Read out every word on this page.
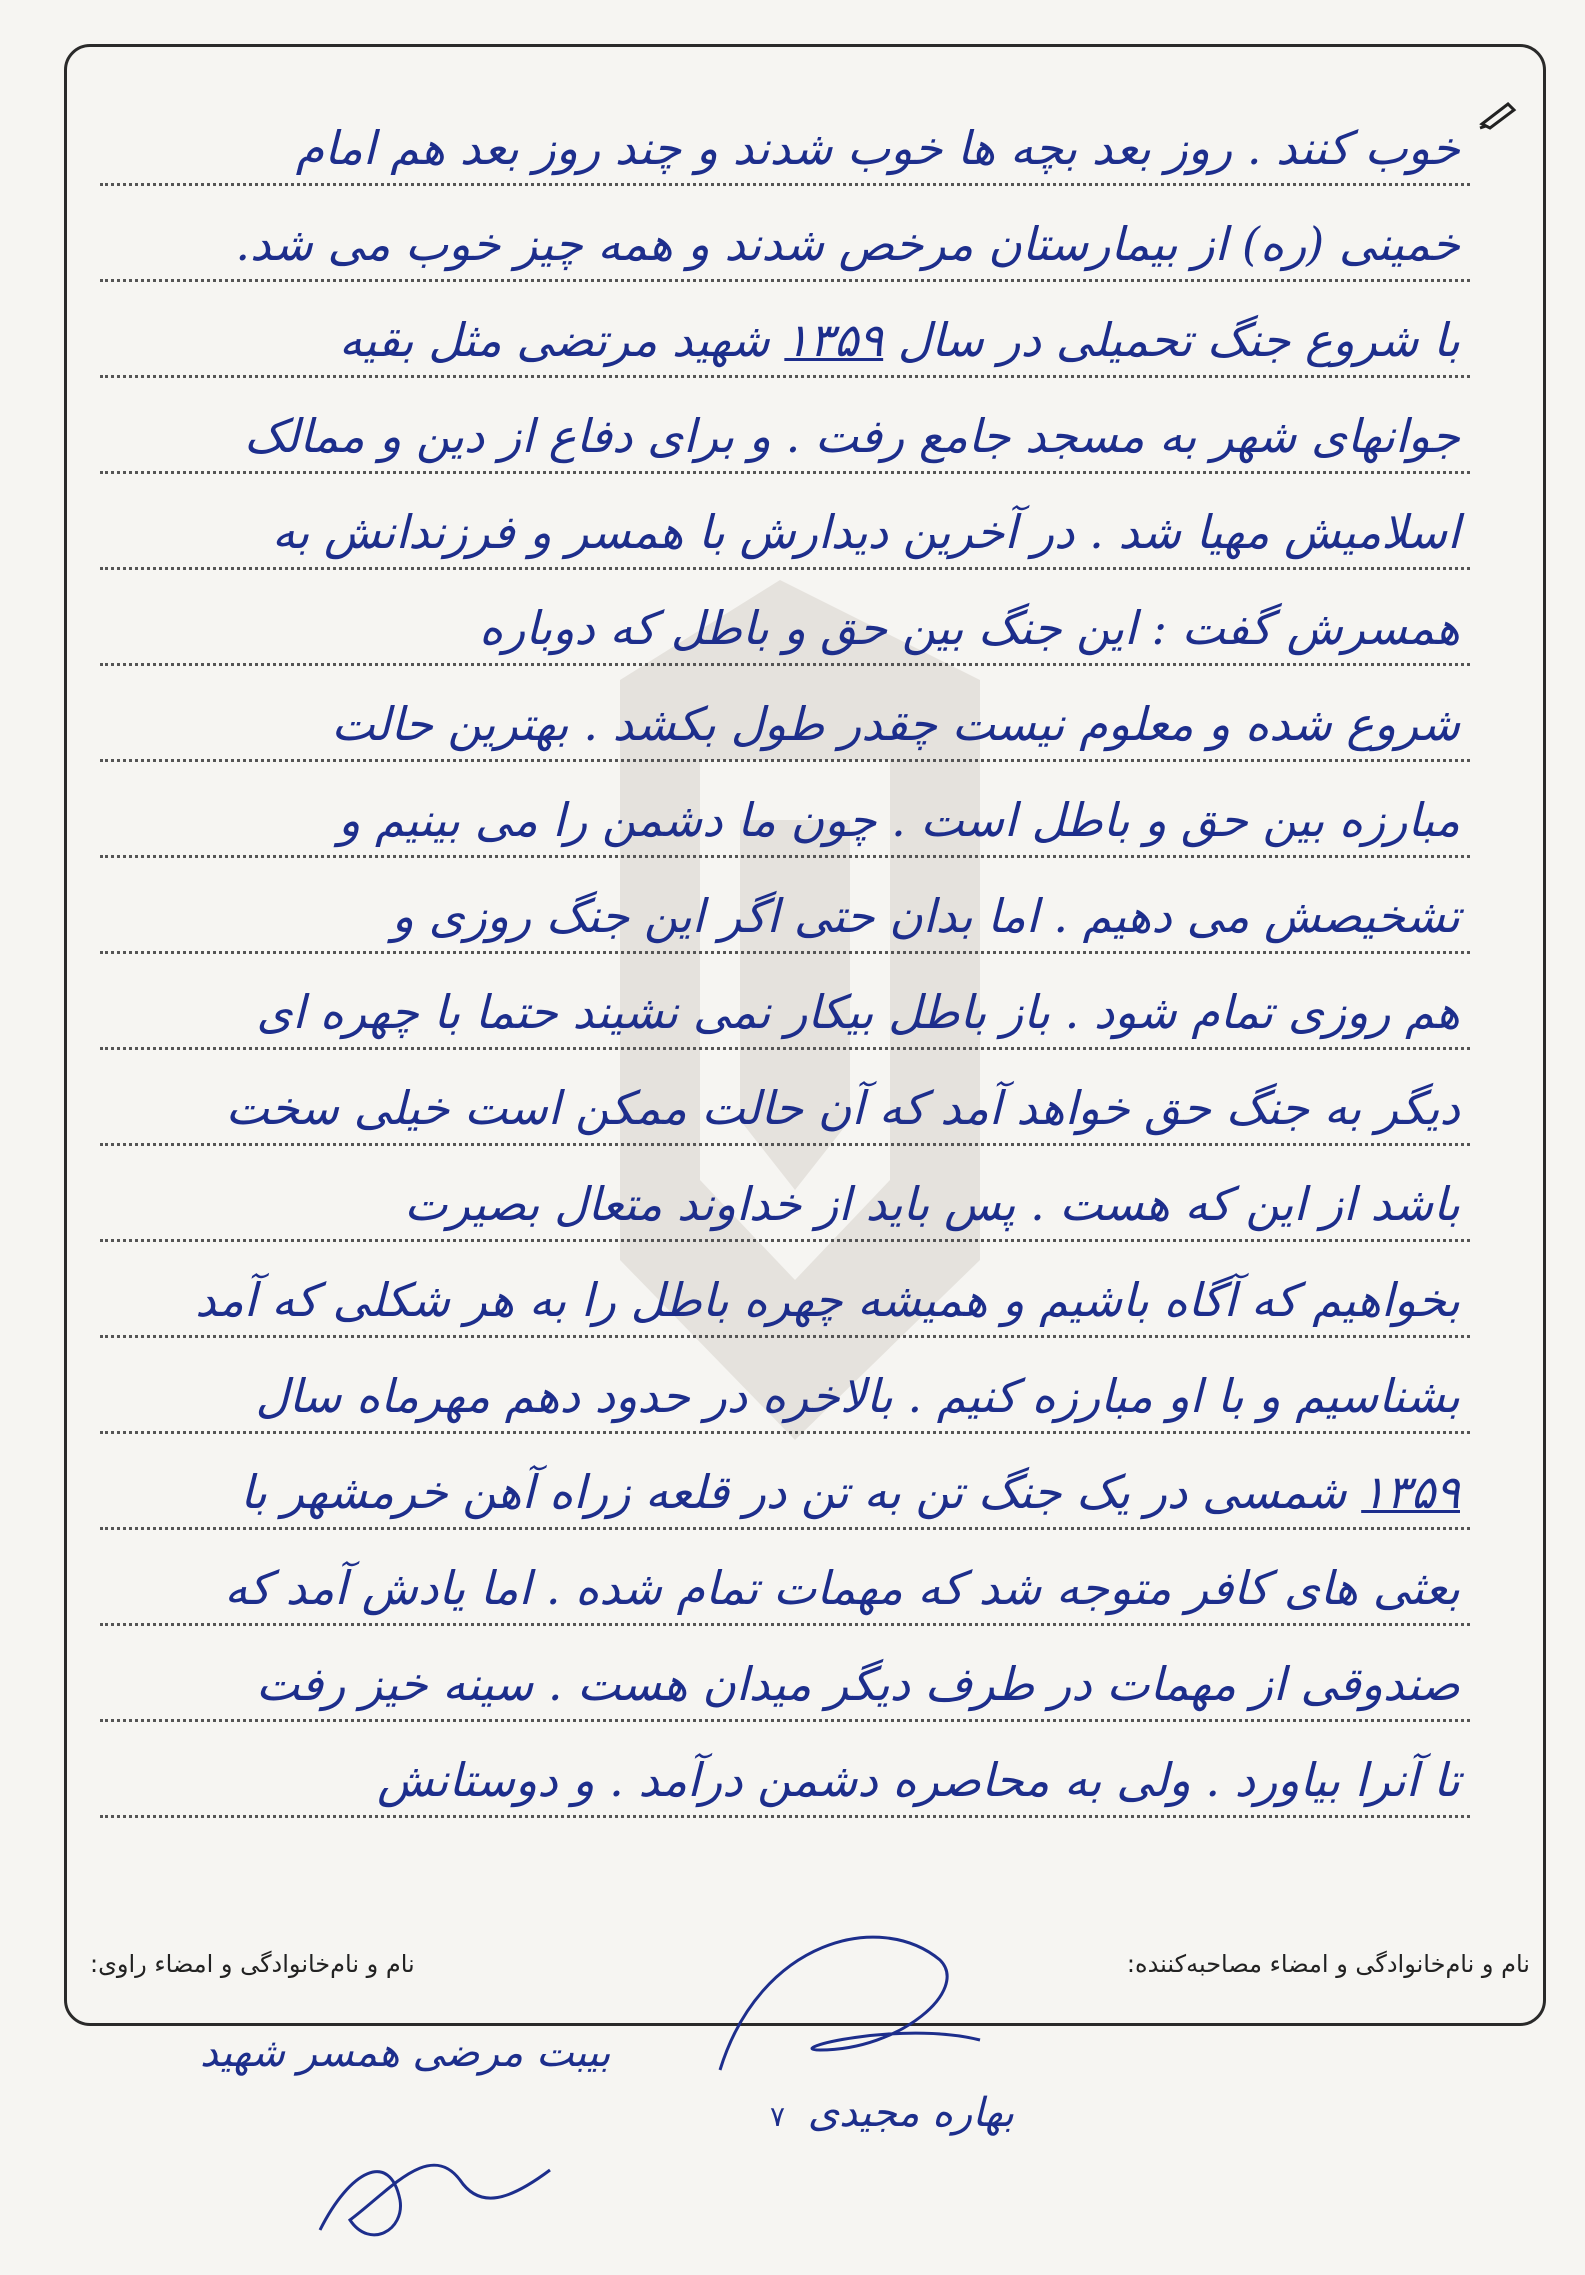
خوب کنند . روز بعد بچه ها خوب شدند و چند روز بعد هم امام
خمینی (ره) از بیمارستان مرخص شدند و همه چیز خوب می شد.
با شروع جنگ تحمیلی در سال ۱۳۵۹ شهید مرتضی مثل بقیه
جوانهای شهر به مسجد جامع رفت . و برای دفاع از دین و ممالک
اسلامیش مهیا شد . در آخرین دیدارش با همسر و فرزندانش به
همسرش گفت : این جنگ بین حق و باطل که دوباره
شروع شده و معلوم نیست چقدر طول بکشد . بهترین حالت
مبارزه بین حق و باطل است . چون ما دشمن را می بینیم و
تشخیصش می دهیم . اما بدان حتی اگر این جنگ روزی و
هم روزی تمام شود . باز باطل بیکار نمی نشیند حتما با چهره ای
دیگر به جنگ حق خواهد آمد که آن حالت ممکن است خیلی سخت
باشد از این که هست . پس باید از خداوند متعال بصیرت
بخواهیم که آگاه باشیم و همیشه چهره باطل را به هر شکلی که آمد
بشناسیم و با او مبارزه کنیم . بالاخره در حدود دهم مهرماه سال
۱۳۵۹ شمسی در یک جنگ تن به تن در قلعه زراه آهن خرمشهر با
بعثی های کافر متوجه شد که مهمات تمام شده . اما یادش آمد که
صندوقی از مهمات در طرف دیگر میدان هست . سینه خیز رفت
تا آنرا بیاورد . ولی به محاصره دشمن درآمد . و دوستانش
نام و نام‌خانوادگی و امضاء مصاحبه‌کننده:
نام و نام‌خانوادگی و امضاء راوی:
بیبت مرضی همسر شهید
بهاره مجیدی ۷
